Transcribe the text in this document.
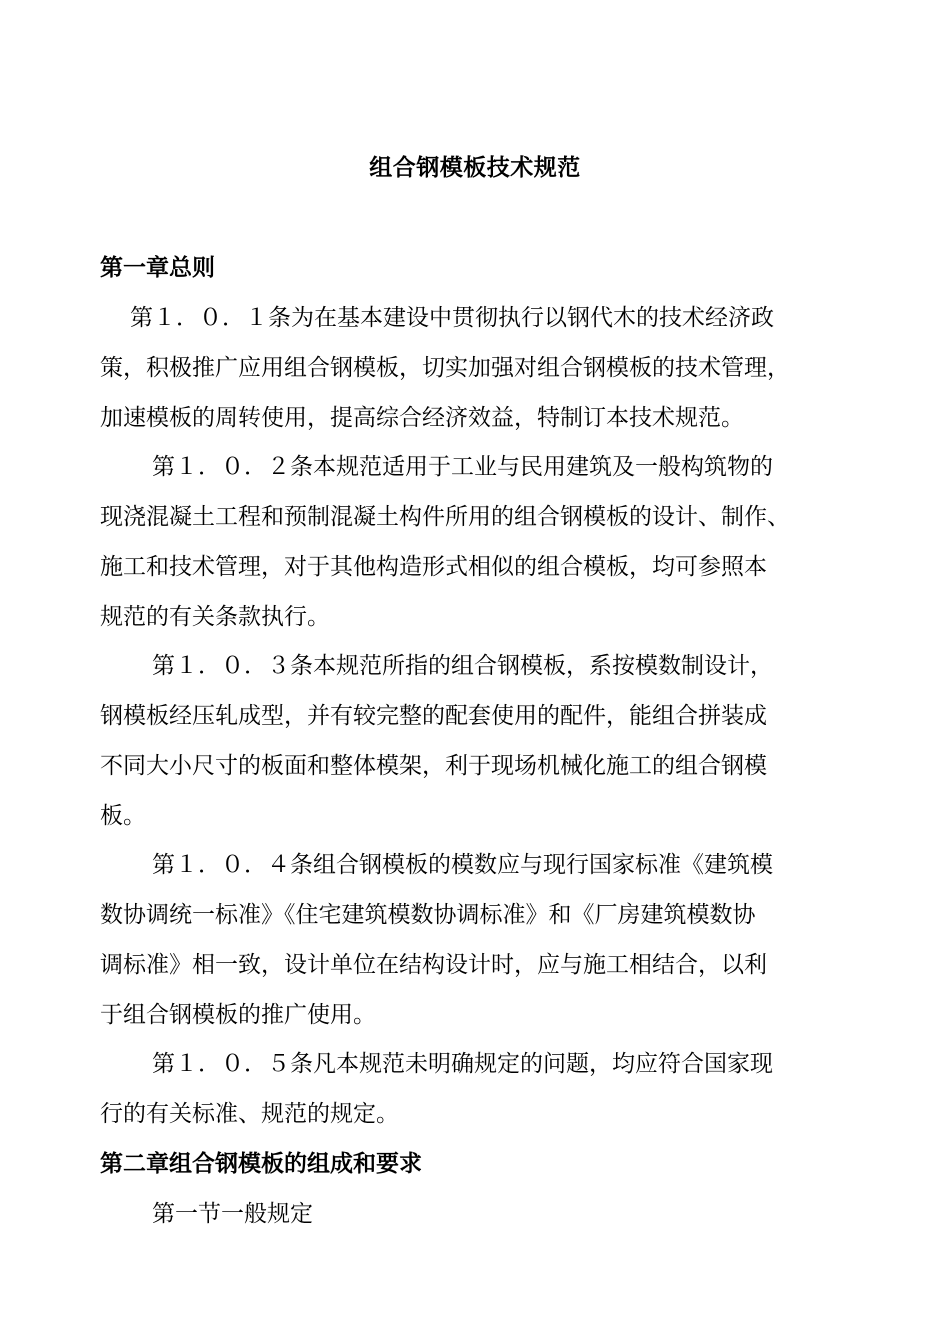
组合钢模板技术规范
第一章总则
第１．０．１条为在基本建设中贯彻执行以钢代木的技术经济政
策，积极推广应用组合钢模板，切实加强对组合钢模板的技术管理，
加速模板的周转使用，提高综合经济效益，特制订本技术规范。
第１．０．２条本规范适用于工业与民用建筑及一般构筑物的
现浇混凝土工程和预制混凝土构件所用的组合钢模板的设计、制作、
施工和技术管理，对于其他构造形式相似的组合模板，均可参照本
规范的有关条款执行。
第１．０．３条本规范所指的组合钢模板，系按模数制设计，
钢模板经压轧成型，并有较完整的配套使用的配件，能组合拼装成
不同大小尺寸的板面和整体模架，利于现场机械化施工的组合钢模
板。
第１．０．４条组合钢模板的模数应与现行国家标准《建筑模
数协调统一标准》《住宅建筑模数协调标准》和《厂房建筑模数协
调标准》相一致，设计单位在结构设计时，应与施工相结合，以利
于组合钢模板的推广使用。
第１．０．５条凡本规范未明确规定的问题，均应符合国家现
行的有关标准、规范的规定。
第二章组合钢模板的组成和要求
第一节一般规定
